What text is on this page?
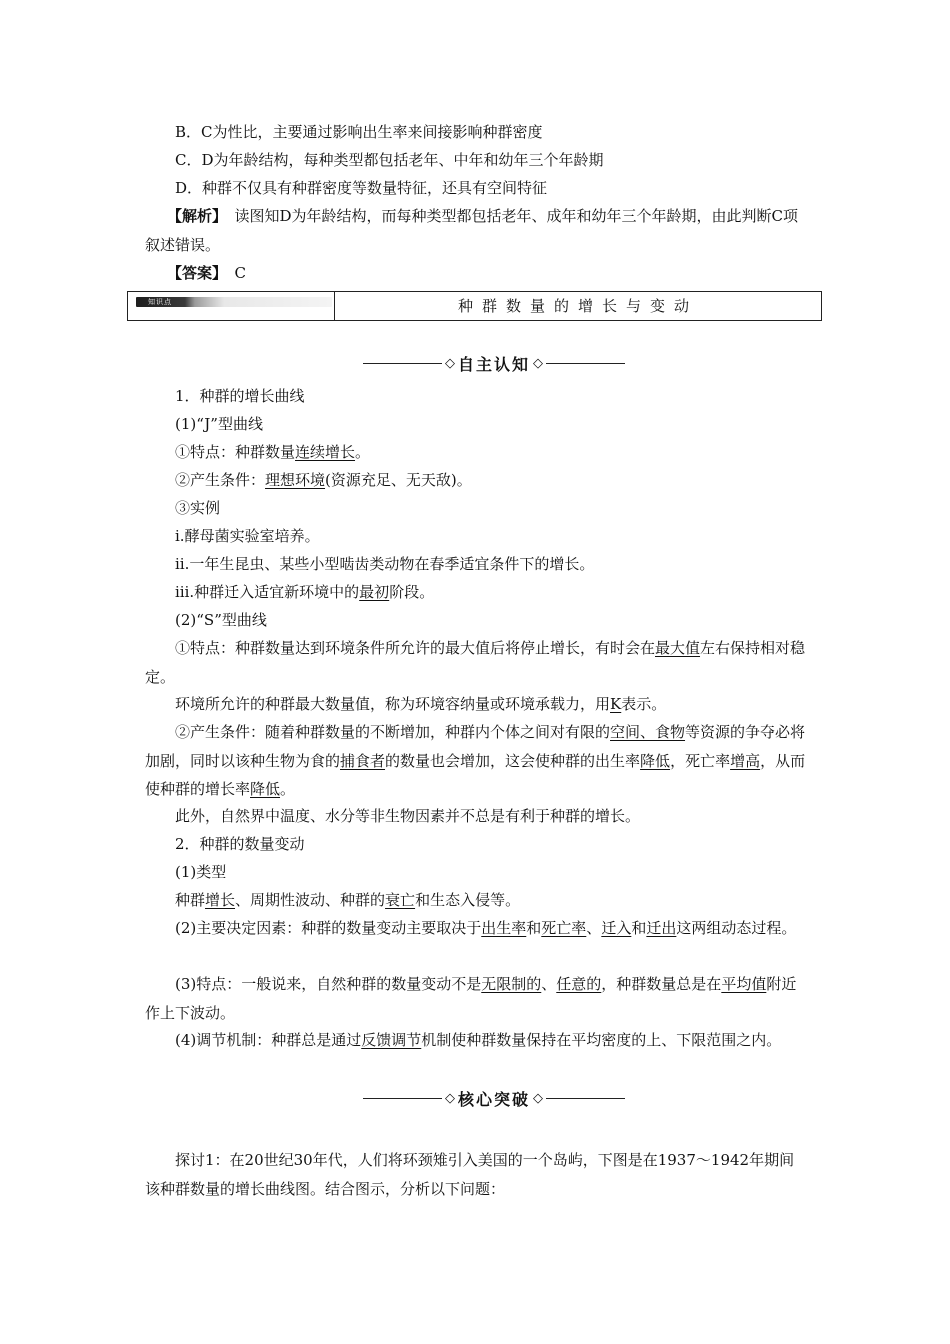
B．C为性比，主要通过影响出生率来间接影响种群密度

C．D为年龄结构，每种类型都包括老年、中年和幼年三个年龄期

D．种群不仅具有种群密度等数量特征，还具有空间特征

【解析】　读图知D为年龄结构，而每种类型都包括老年、成年和幼年三个年龄期，由此判断C项叙述错误。

【答案】　C

知识点	种群数量的增长与变动
◇ 自主认知 ◇

1．种群的增长曲线

(1)“J”型曲线

①特点：种群数量连续增长。

②产生条件：理想环境(资源充足、无天敌)。

③实例

ⅰ.酵母菌实验室培养。

ⅱ.一年生昆虫、某些小型啮齿类动物在春季适宜条件下的增长。

ⅲ.种群迁入适宜新环境中的最初阶段。

(2)“S”型曲线

①特点：种群数量达到环境条件所允许的最大值后将停止增长，有时会在最大值左右保持相对稳定。

环境所允许的种群最大数量值，称为环境容纳量或环境承载力，用K表示。

②产生条件：随着种群数量的不断增加，种群内个体之间对有限的空间、食物等资源的争夺必将加剧，同时以该种生物为食的捕食者的数量也会增加，这会使种群的出生率降低，死亡率增高，从而使种群的增长率降低。

此外，自然界中温度、水分等非生物因素并不总是有利于种群的增长。

2．种群的数量变动

(1)类型

种群增长、周期性波动、种群的衰亡和生态入侵等。

(2)主要决定因素：种群的数量变动主要取决于出生率和死亡率、迁入和迁出这两组动态过程。

(3)特点：一般说来，自然种群的数量变动不是无限制的、任意的，种群数量总是在平均值附近作上下波动。

(4)调节机制：种群总是通过反馈调节机制使种群数量保持在平均密度的上、下限范围之内。

◇ 核心突破 ◇

探讨1：在20世纪30年代，人们将环颈雉引入美国的一个岛屿，下图是在1937～1942年期间该种群数量的增长曲线图。结合图示，分析以下问题：
